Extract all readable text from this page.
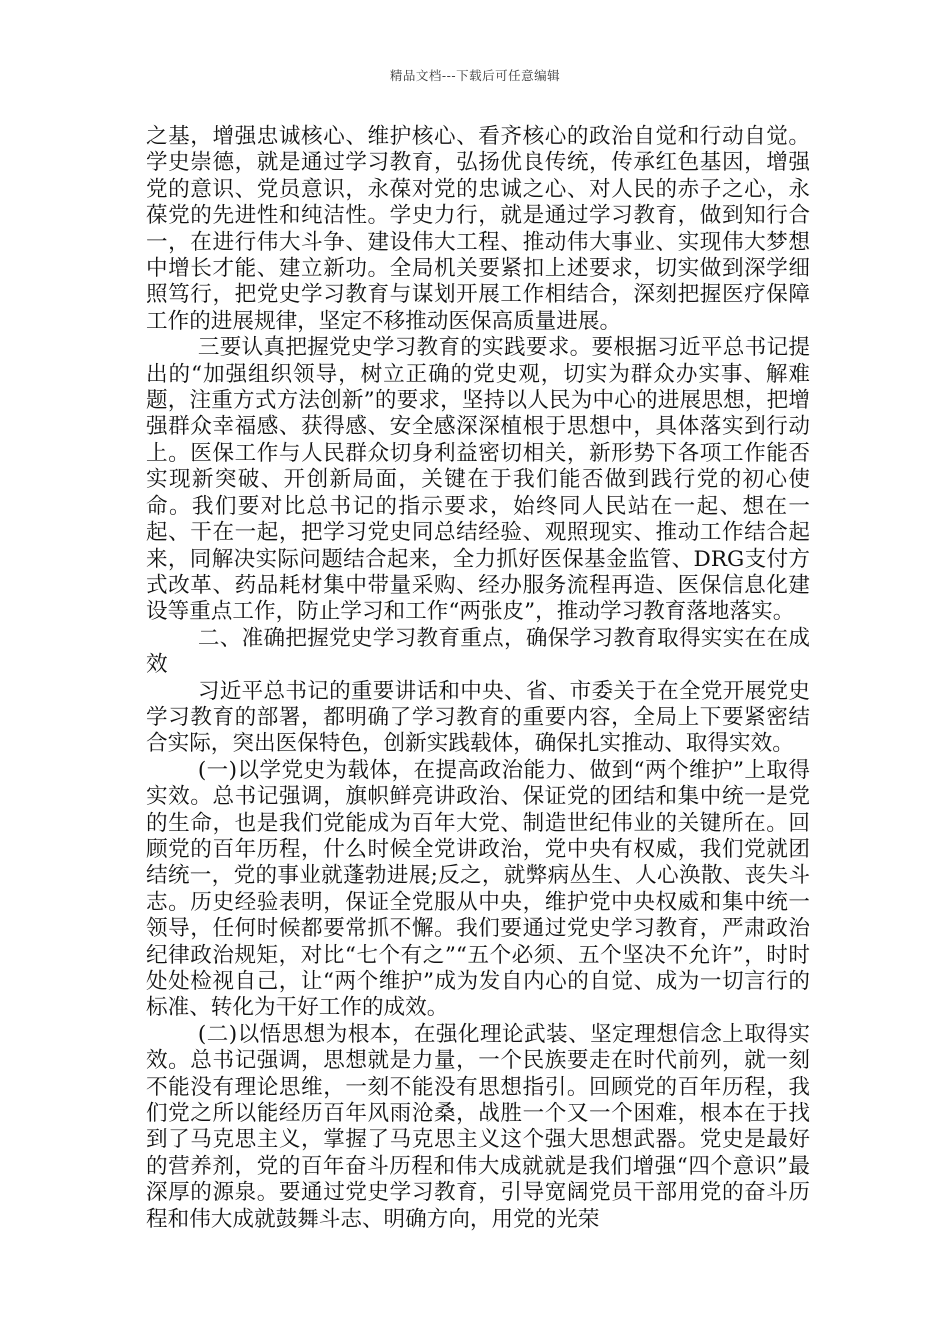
精品文档---下载后可任意编辑

之基，增强忠诚核心、维护核心、看齐核心的政治自觉和行动自觉。学史崇德，就是通过学习教育，弘扬优良传统，传承红色基因，增强党的意识、党员意识，永葆对党的忠诚之心、对人民的赤子之心，永葆党的先进性和纯洁性。学史力行，就是通过学习教育，做到知行合一，在进行伟大斗争、建设伟大工程、推动伟大事业、实现伟大梦想中增长才能、建立新功。全局机关要紧扣上述要求，切实做到深学细照笃行，把党史学习教育与谋划开展工作相结合，深刻把握医疗保障工作的进展规律，坚定不移推动医保高质量进展。

三要认真把握党史学习教育的实践要求。要根据习近平总书记提出的“加强组织领导，树立正确的党史观，切实为群众办实事、解难题，注重方式方法创新”的要求，坚持以人民为中心的进展思想，把增强群众幸福感、获得感、安全感深深植根于思想中，具体落实到行动上。医保工作与人民群众切身利益密切相关，新形势下各项工作能否实现新突破、开创新局面，关键在于我们能否做到践行党的初心使命。我们要对比总书记的指示要求，始终同人民站在一起、想在一起、干在一起，把学习党史同总结经验、观照现实、推动工作结合起来，同解决实际问题结合起来，全力抓好医保基金监管、DRG支付方式改革、药品耗材集中带量采购、经办服务流程再造、医保信息化建设等重点工作，防止学习和工作“两张皮”，推动学习教育落地落实。

二、准确把握党史学习教育重点，确保学习教育取得实实在在成效

习近平总书记的重要讲话和中央、省、市委关于在全党开展党史学习教育的部署，都明确了学习教育的重要内容，全局上下要紧密结合实际，突出医保特色，创新实践载体，确保扎实推动、取得实效。

(一)以学党史为载体，在提高政治能力、做到“两个维护”上取得实效。总书记强调，旗帜鲜亮讲政治、保证党的团结和集中统一是党的生命，也是我们党能成为百年大党、制造世纪伟业的关键所在。回顾党的百年历程，什么时候全党讲政治，党中央有权威，我们党就团结统一，党的事业就蓬勃进展;反之，就弊病丛生、人心涣散、丧失斗志。历史经验表明，保证全党服从中央，维护党中央权威和集中统一领导，任何时候都要常抓不懈。我们要通过党史学习教育，严肃政治纪律政治规矩，对比“七个有之”“五个必须、五个坚决不允许”，时时处处检视自己，让“两个维护”成为发自内心的自觉、成为一切言行的标准、转化为干好工作的成效。

(二)以悟思想为根本，在强化理论武装、坚定理想信念上取得实效。总书记强调，思想就是力量，一个民族要走在时代前列，就一刻不能没有理论思维，一刻不能没有思想指引。回顾党的百年历程，我们党之所以能经历百年风雨沧桑，战胜一个又一个困难，根本在于找到了马克思主义，掌握了马克思主义这个强大思想武器。党史是最好的营养剂，党的百年奋斗历程和伟大成就就是我们增强“四个意识”最深厚的源泉。要通过党史学习教育，引导宽阔党员干部用党的奋斗历程和伟大成就鼓舞斗志、明确方向，用党的光荣
